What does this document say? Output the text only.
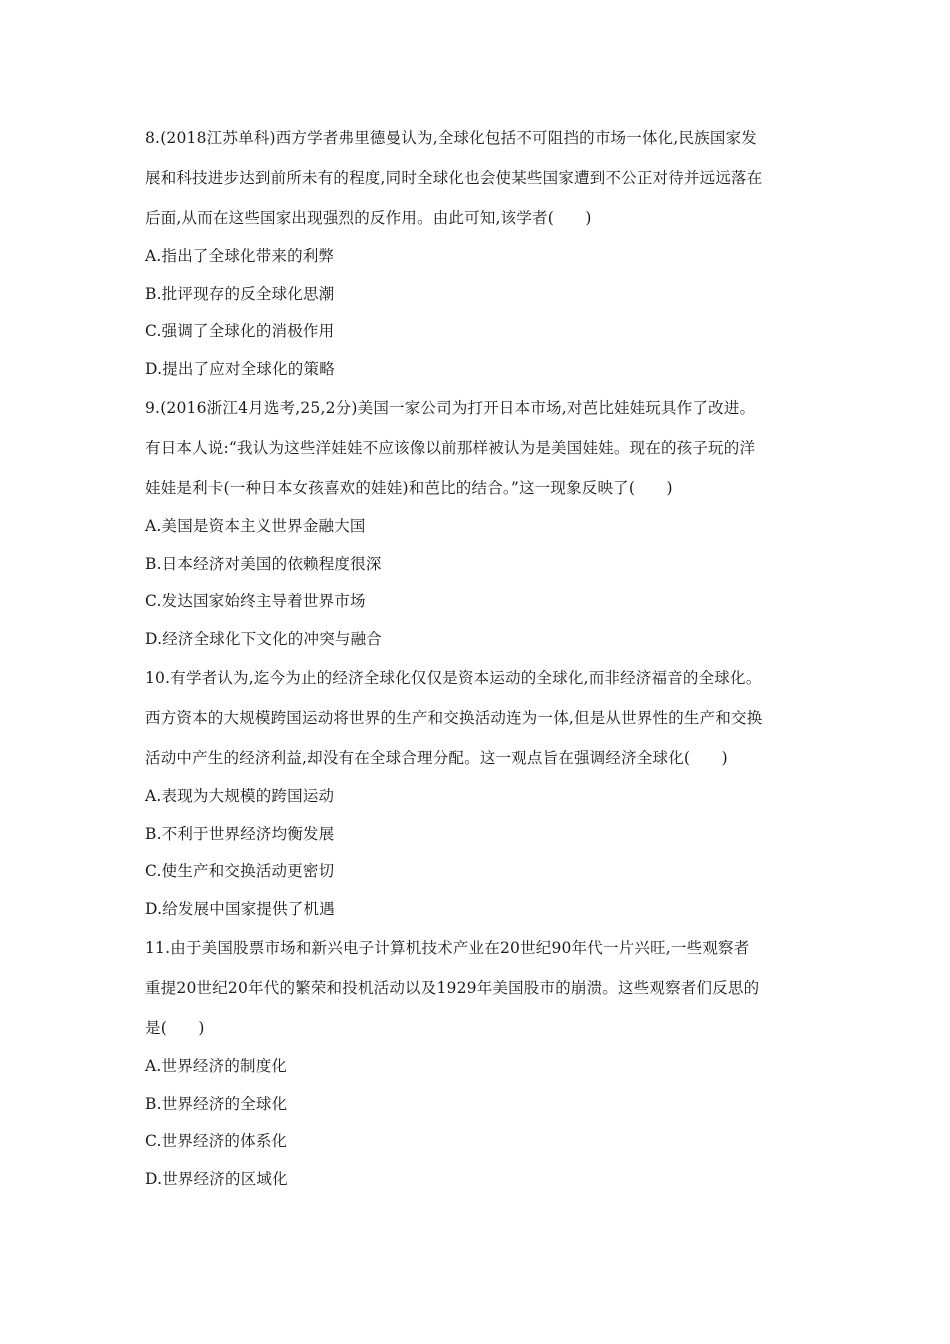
8.(2018江苏单科)西方学者弗里德曼认为,全球化包括不可阻挡的市场一体化,民族国家发
展和科技进步达到前所未有的程度,同时全球化也会使某些国家遭到不公正对待并远远落在
后面,从而在这些国家出现强烈的反作用。由此可知,该学者(　　)

A.指出了全球化带来的利弊

B.批评现存的反全球化思潮

C.强调了全球化的消极作用

D.提出了应对全球化的策略

9.(2016浙江4月选考,25,2分)美国一家公司为打开日本市场,对芭比娃娃玩具作了改进。
有日本人说:“我认为这些洋娃娃不应该像以前那样被认为是美国娃娃。现在的孩子玩的洋
娃娃是利卡(一种日本女孩喜欢的娃娃)和芭比的结合。”这一现象反映了(　　)

A.美国是资本主义世界金融大国

B.日本经济对美国的依赖程度很深

C.发达国家始终主导着世界市场

D.经济全球化下文化的冲突与融合

10.有学者认为,迄今为止的经济全球化仅仅是资本运动的全球化,而非经济福音的全球化。
西方资本的大规模跨国运动将世界的生产和交换活动连为一体,但是从世界性的生产和交换
活动中产生的经济利益,却没有在全球合理分配。这一观点旨在强调经济全球化(　　)

A.表现为大规模的跨国运动

B.不利于世界经济均衡发展

C.使生产和交换活动更密切

D.给发展中国家提供了机遇

11.由于美国股票市场和新兴电子计算机技术产业在20世纪90年代一片兴旺,一些观察者
重提20世纪20年代的繁荣和投机活动以及1929年美国股市的崩溃。这些观察者们反思的
是(　　)

A.世界经济的制度化

B.世界经济的全球化

C.世界经济的体系化

D.世界经济的区域化
